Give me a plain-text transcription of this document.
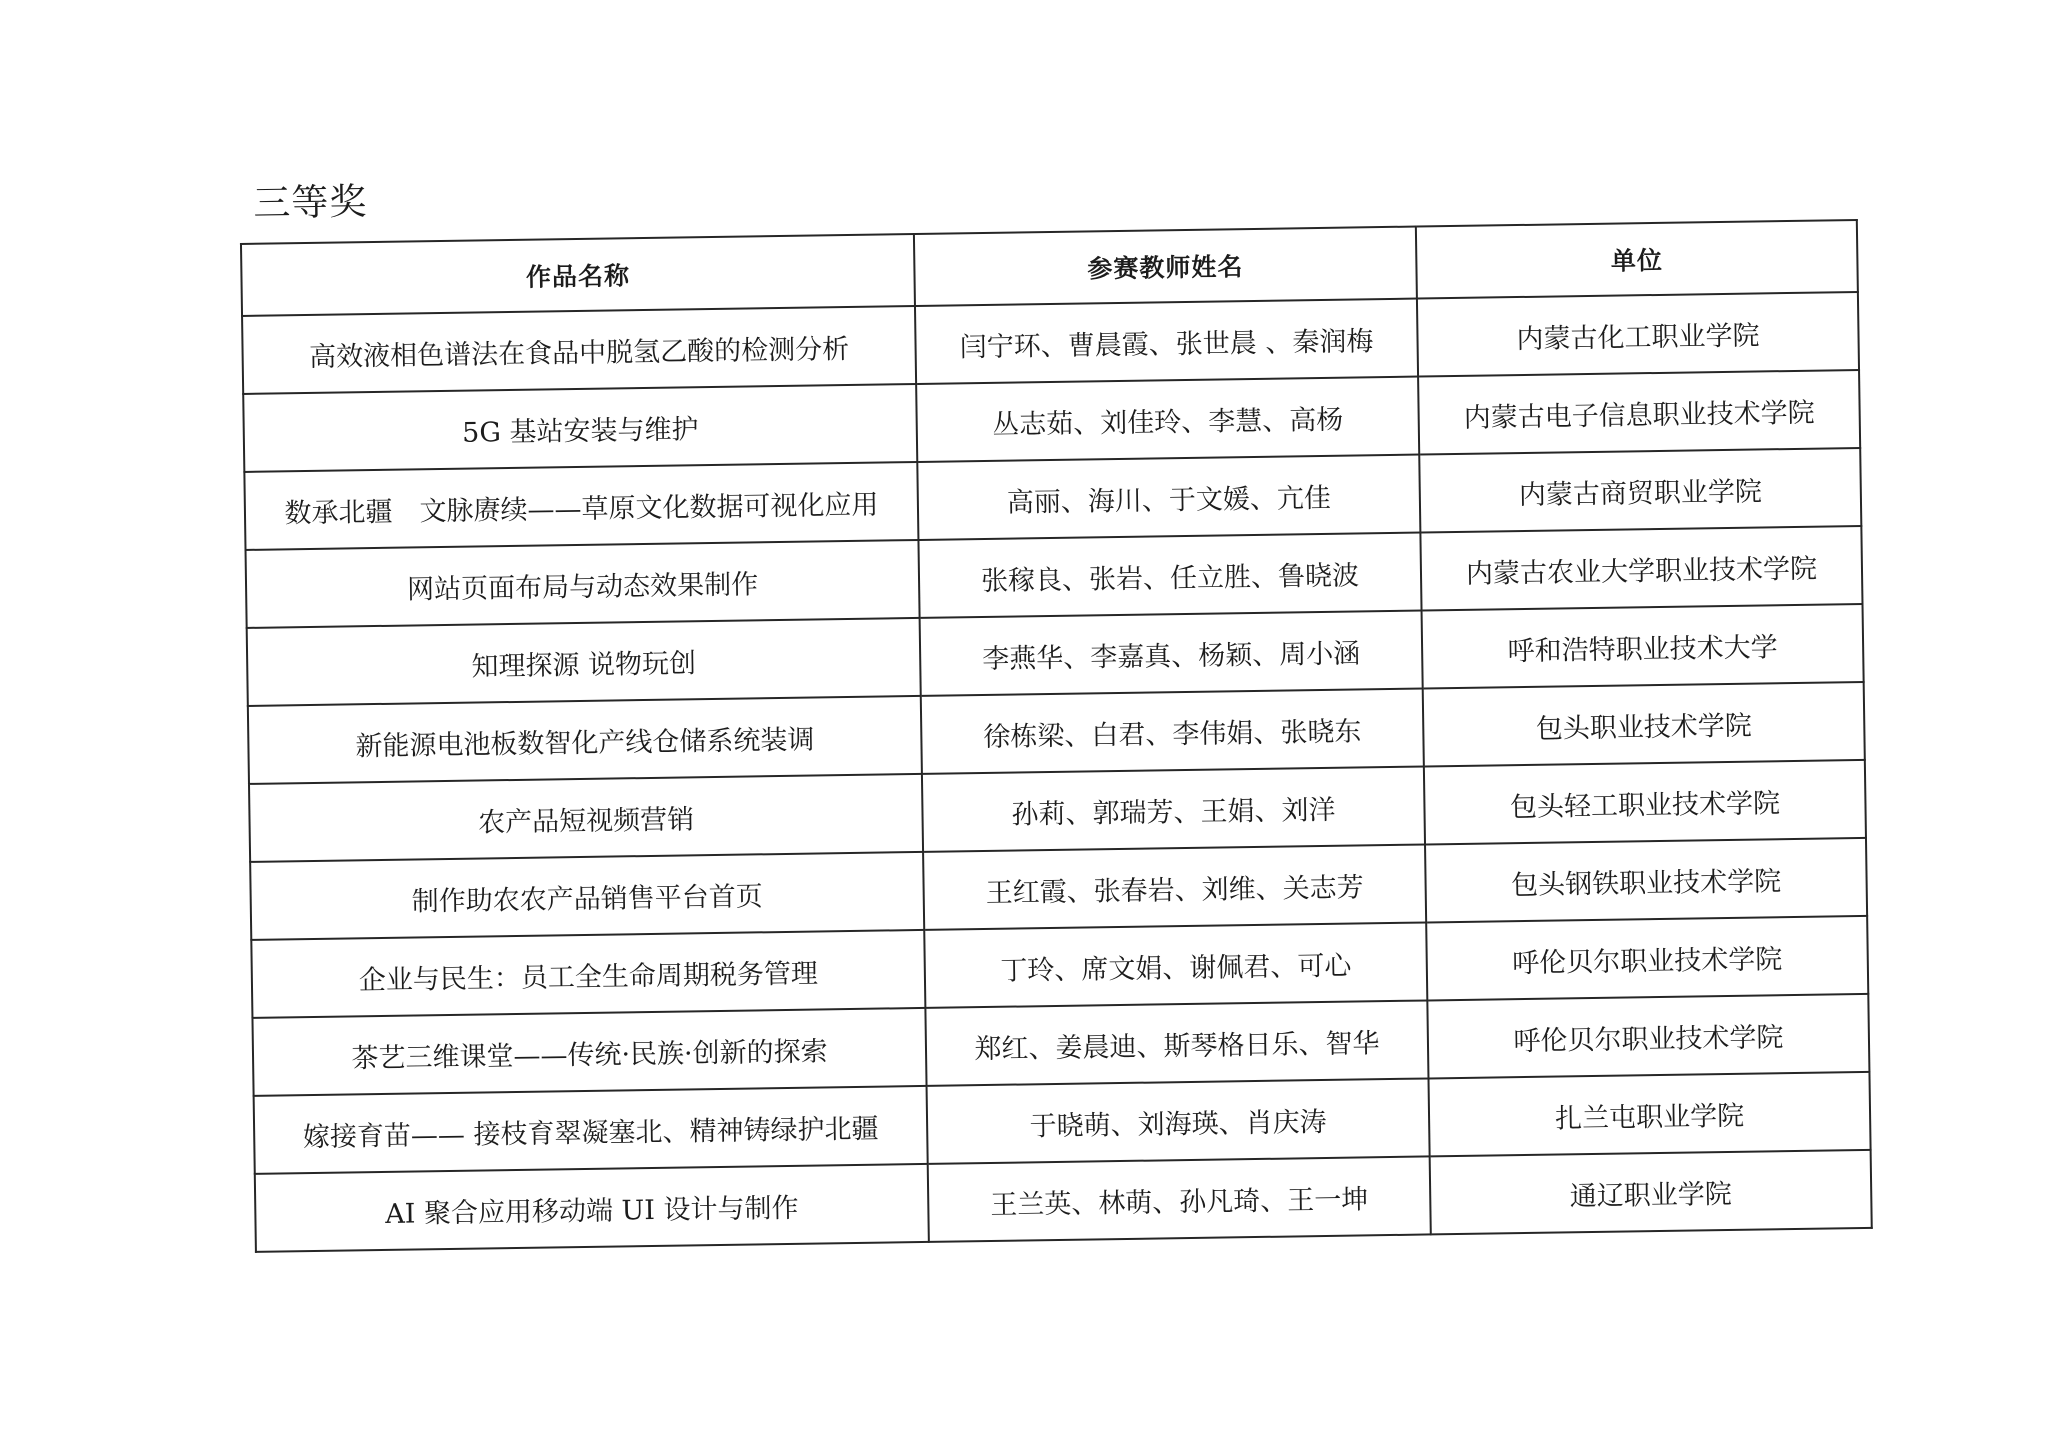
三等奖
作品名称	参赛教师姓名	单位
高效液相色谱法在食品中脱氢乙酸的检测分析	闫宁环、曹晨霞、张世晨 、秦润梅	内蒙古化工职业学院
5G 基站安装与维护	丛志茹、刘佳玲、李慧、高杨	内蒙古电子信息职业技术学院
数承北疆　文脉赓续——草原文化数据可视化应用	高丽、海川、于文媛、亢佳	内蒙古商贸职业学院
网站页面布局与动态效果制作	张稼良、张岩、任立胜、鲁晓波	内蒙古农业大学职业技术学院
知理探源 说物玩创	李燕华、李嘉真、杨颖、周小涵	呼和浩特职业技术大学
新能源电池板数智化产线仓储系统装调	徐栋梁、白君、李伟娟、张晓东	包头职业技术学院
农产品短视频营销	孙莉、郭瑞芳、王娟、刘洋	包头轻工职业技术学院
制作助农农产品销售平台首页	王红霞、张春岩、刘维、关志芳	包头钢铁职业技术学院
企业与民生：员工全生命周期税务管理	丁玲、席文娟、谢佩君、可心	呼伦贝尔职业技术学院
茶艺三维课堂——传统·民族·创新的探索	郑红、姜晨迪、斯琴格日乐、智华	呼伦贝尔职业技术学院
嫁接育苗—— 接枝育翠凝塞北、精神铸绿护北疆	于晓萌、刘海瑛、肖庆涛	扎兰屯职业学院
AI 聚合应用移动端 UI 设计与制作	王兰英、林萌、孙凡琦、王一坤	通辽职业学院
